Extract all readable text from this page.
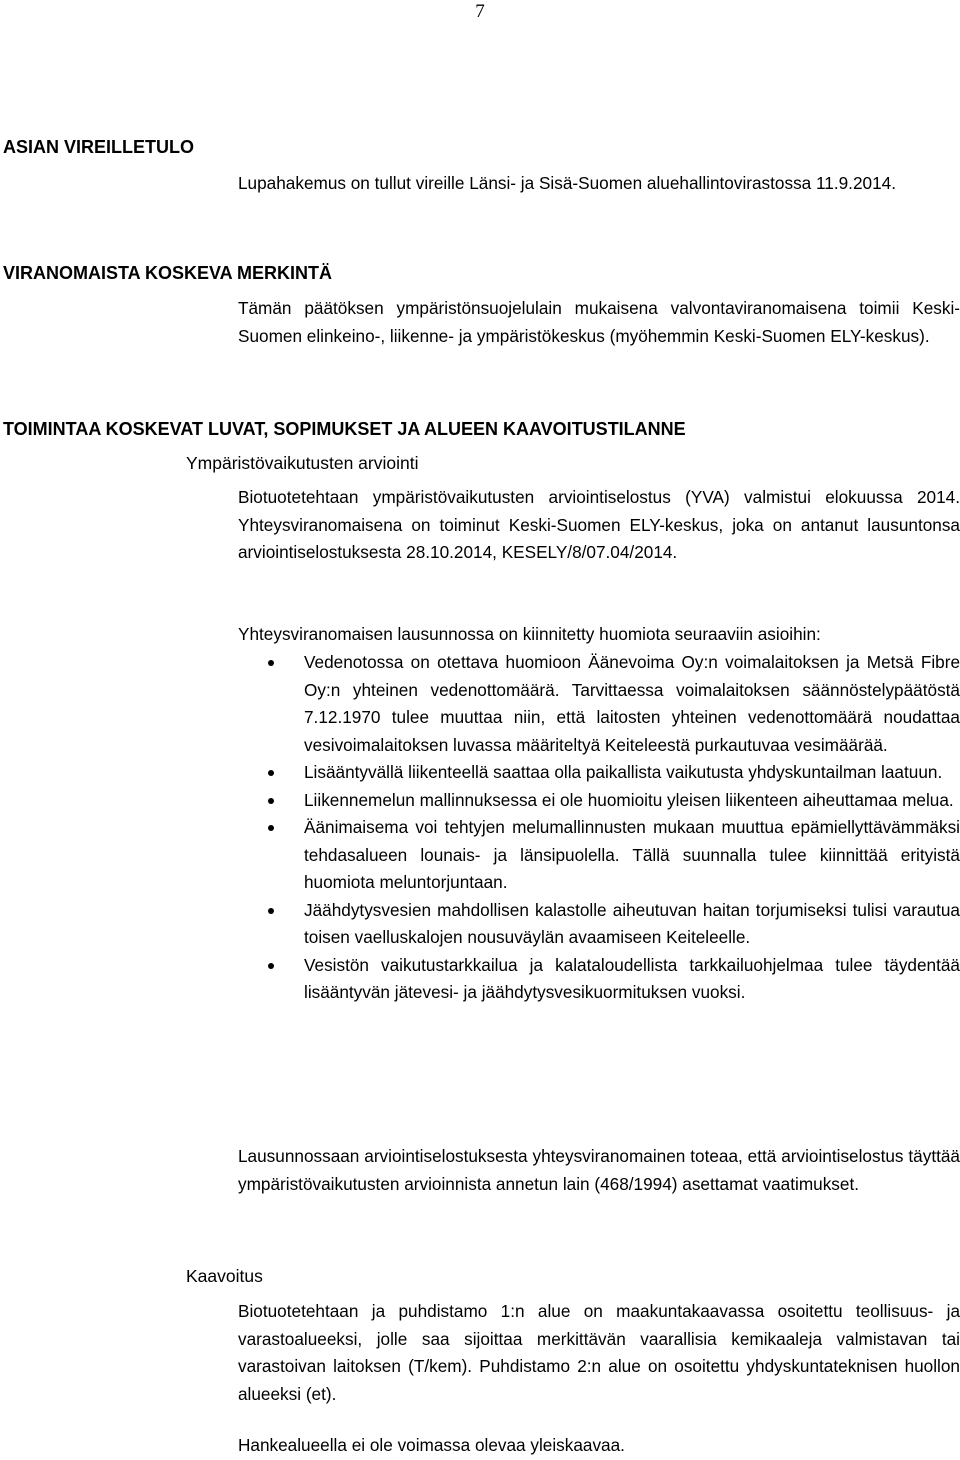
7
ASIAN VIREILLETULO

Lupahakemus on tullut vireille Länsi- ja Sisä-Suomen aluehallintovirastossa 11.9.2014.

VIRANOMAISTA KOSKEVA MERKINTÄ

Tämän päätöksen ympäristönsuojelulain mukaisena valvontaviranomaisena toimii Keski-Suomen elinkeino-, liikenne- ja ympäristökeskus (myöhemmin Keski-Suomen ELY-keskus).

TOIMINTAA KOSKEVAT LUVAT, SOPIMUKSET JA ALUEEN KAAVOITUSTILANNE
Ympäristövaikutusten arviointi

Biotuotetehtaan ympäristövaikutusten arviointiselostus (YVA) valmistui elokuussa 2014. Yhteysviranomaisena on toiminut Keski-Suomen ELY-keskus, joka on antanut lausuntonsa arviointiselostuksesta 28.10.2014, KESELY/8/07.04/2014.

Yhteysviranomaisen lausunnossa on kiinnitetty huomiota seuraaviin asioihin:

Vedenotossa on otettava huomioon Äänevoima Oy:n voimalaitoksen ja Metsä Fibre Oy:n yhteinen vedenottomäärä. Tarvittaessa voimalaitoksen säännöstelypäätöstä 7.12.1970 tulee muuttaa niin, että laitosten yhteinen vedenottomäärä noudattaa vesivoimalaitoksen luvassa määriteltyä Keiteleestä purkautuvaa vesimäärää.
Lisääntyvällä liikenteellä saattaa olla paikallista vaikutusta yhdyskuntailman laatuun.
Liikennemelun mallinnuksessa ei ole huomioitu yleisen liikenteen aiheuttamaa melua.
Äänimaisema voi tehtyjen melumallinnusten mukaan muuttua epämiellyttävämmäksi tehdasalueen lounais- ja länsipuolella. Tällä suunnalla tulee kiinnittää erityistä huomiota meluntorjuntaan.
Jäähdytysvesien mahdollisen kalastolle aiheutuvan haitan torjumiseksi tulisi varautua toisen vaelluskalojen nousuväylän avaamiseen Keiteleelle.
Vesistön vaikutustarkkailua ja kalataloudellista tarkkailuohjelmaa tulee täydentää lisääntyvän jätevesi- ja jäähdytysvesikuormituksen vuoksi.

Lausunnossaan arviointiselostuksesta yhteysviranomainen toteaa, että arviointiselostus täyttää ympäristövaikutusten arvioinnista annetun lain (468/1994) asettamat vaatimukset.

Kaavoitus

Biotuotetehtaan ja puhdistamo 1:n alue on maakuntakaavassa osoitettu teollisuus- ja varastoalueeksi, jolle saa sijoittaa merkittävän vaarallisia kemikaaleja valmistavan tai varastoivan laitoksen (T/kem). Puhdistamo 2:n alue on osoitettu yhdyskuntateknisen huollon alueeksi (et).

Hankealueella ei ole voimassa olevaa yleiskaavaa.
